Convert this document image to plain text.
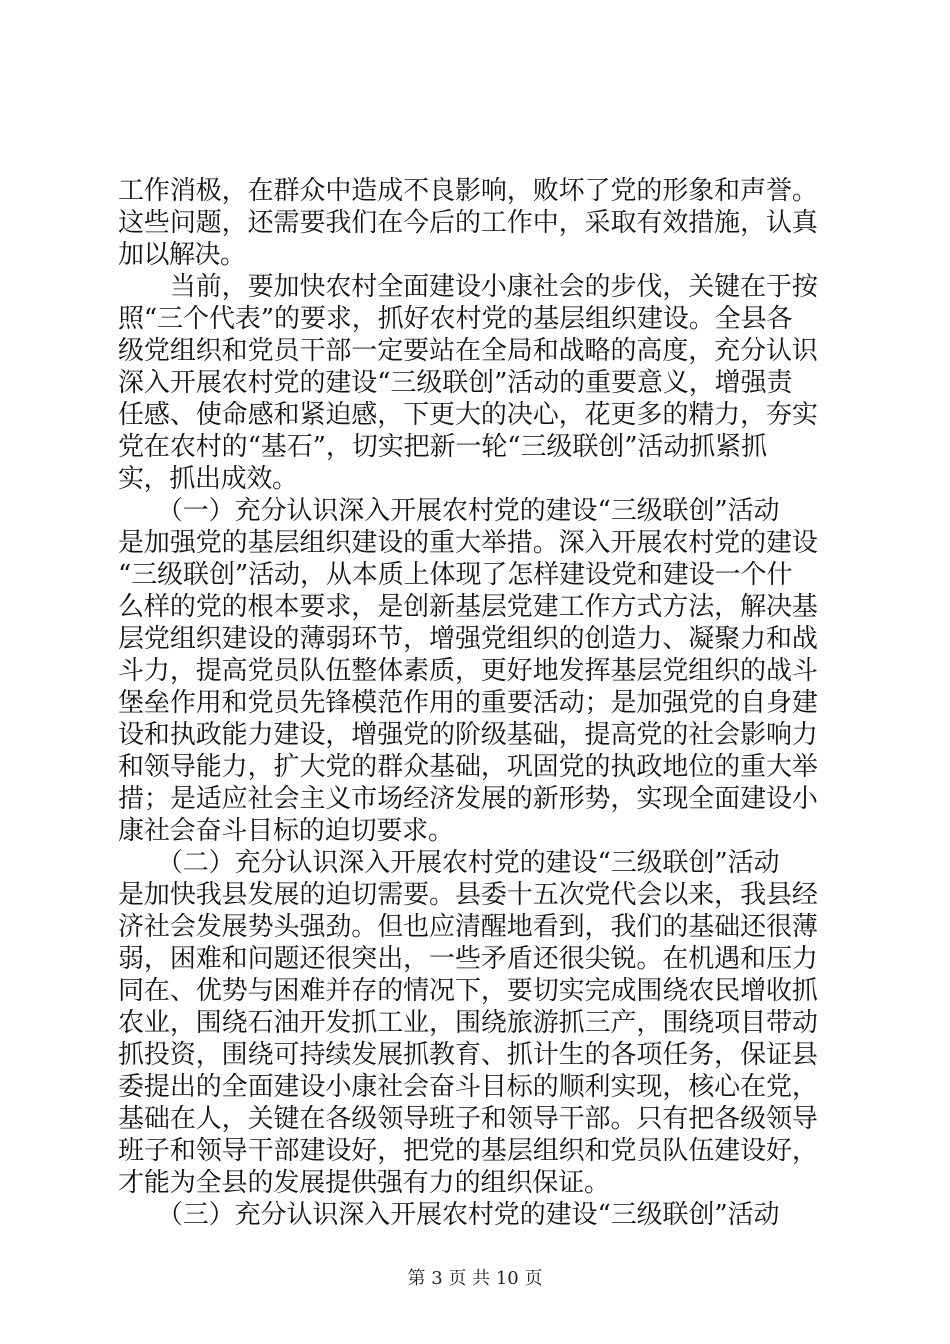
工作消极，在群众中造成不良影响，败坏了党的形象和声誉。
这些问题，还需要我们在今后的工作中，采取有效措施，认真
加以解决。
　　当前，要加快农村全面建设小康社会的步伐，关键在于按
照“三个代表”的要求，抓好农村党的基层组织建设。全县各
级党组织和党员干部一定要站在全局和战略的高度，充分认识
深入开展农村党的建设“三级联创”活动的重要意义，增强责
任感、使命感和紧迫感，下更大的决心，花更多的精力，夯实
党在农村的“基石”，切实把新一轮“三级联创”活动抓紧抓
实，抓出成效。
　　（一）充分认识深入开展农村党的建设“三级联创”活动
是加强党的基层组织建设的重大举措。深入开展农村党的建设
“三级联创”活动，从本质上体现了怎样建设党和建设一个什
么样的党的根本要求，是创新基层党建工作方式方法，解决基
层党组织建设的薄弱环节，增强党组织的创造力、凝聚力和战
斗力，提高党员队伍整体素质，更好地发挥基层党组织的战斗
堡垒作用和党员先锋模范作用的重要活动；是加强党的自身建
设和执政能力建设，增强党的阶级基础，提高党的社会影响力
和领导能力，扩大党的群众基础，巩固党的执政地位的重大举
措；是适应社会主义市场经济发展的新形势，实现全面建设小
康社会奋斗目标的迫切要求。
　　（二）充分认识深入开展农村党的建设“三级联创”活动
是加快我县发展的迫切需要。县委十五次党代会以来，我县经
济社会发展势头强劲。但也应清醒地看到，我们的基础还很薄
弱，困难和问题还很突出，一些矛盾还很尖锐。在机遇和压力
同在、优势与困难并存的情况下，要切实完成围绕农民增收抓
农业，围绕石油开发抓工业，围绕旅游抓三产，围绕项目带动
抓投资，围绕可持续发展抓教育、抓计生的各项任务，保证县
委提出的全面建设小康社会奋斗目标的顺利实现，核心在党，
基础在人，关键在各级领导班子和领导干部。只有把各级领导
班子和领导干部建设好，把党的基层组织和党员队伍建设好，
才能为全县的发展提供强有力的组织保证。
　　（三）充分认识深入开展农村党的建设“三级联创”活动
第 3 页 共 10 页
